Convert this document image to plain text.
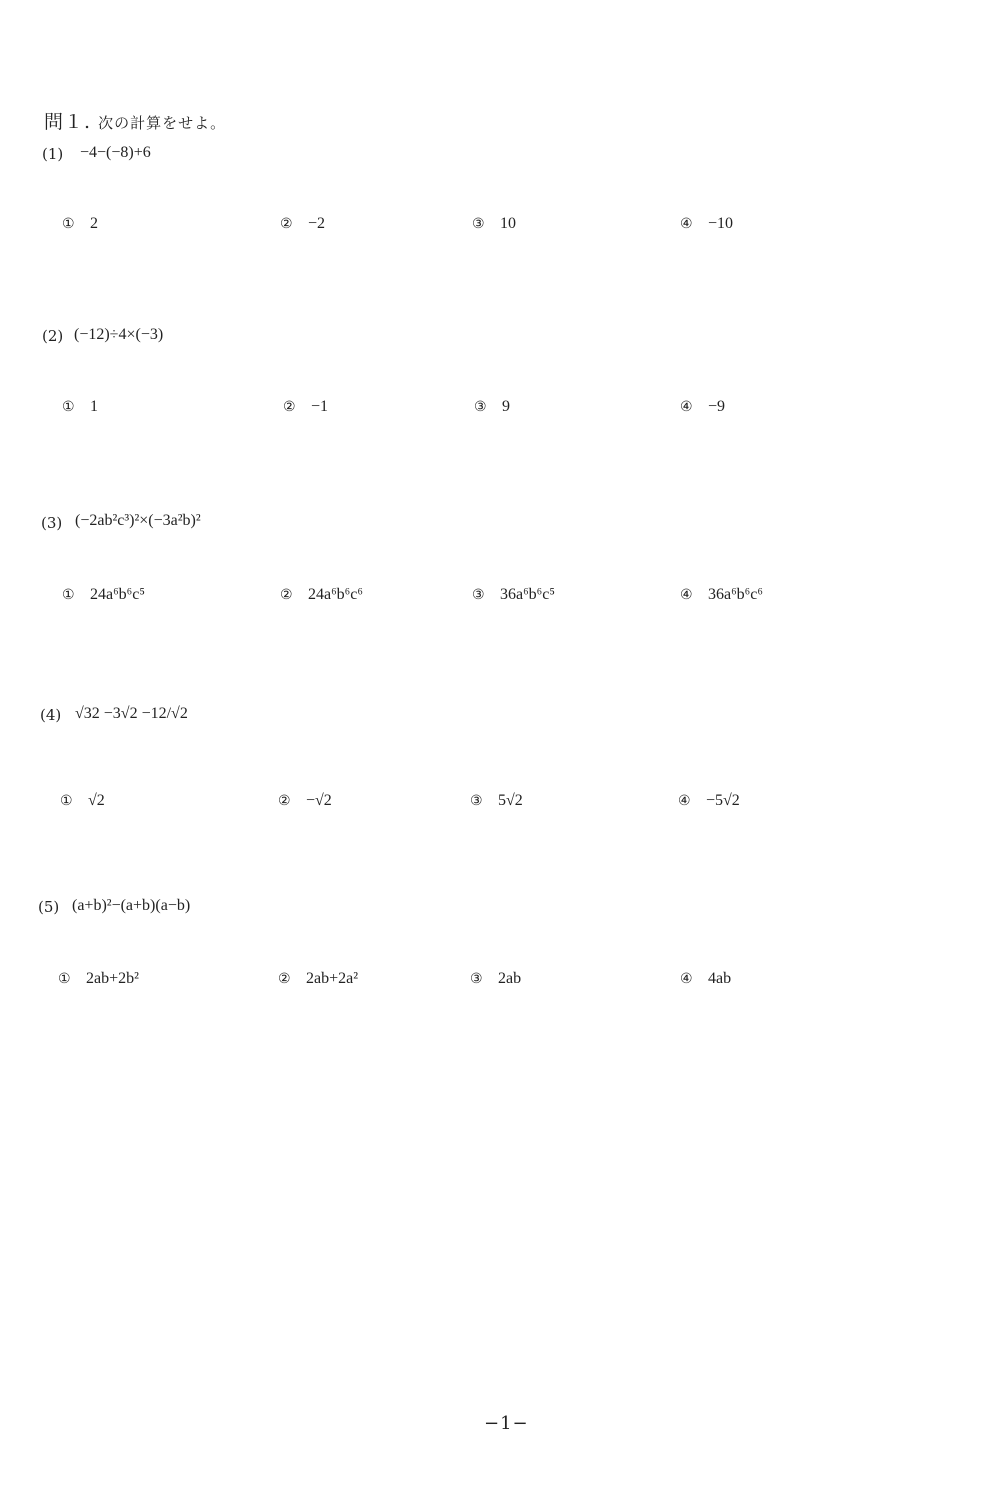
問１. 次の計算をせよ。
(1) −4−(−8)+6
① 2	② −2	③ 10	④ −10
(2) (−12)÷4×(−3)
① 1	② −1	③ 9	④ −9
(3) (−2ab²c³)²×(−3a²b)²
① 24a⁶b⁶c⁵	② 24a⁶b⁶c⁶	③ 36a⁶b⁶c⁵	④ 36a⁶b⁶c⁶
(4) √32 −3√2 −12/√2
① √2	② −√2	③ 5√2	④ −5√2
(5) (a+b)²−(a+b)(a−b)
① 2ab+2b²	② 2ab+2a²	③ 2ab	④ 4ab
−1−
